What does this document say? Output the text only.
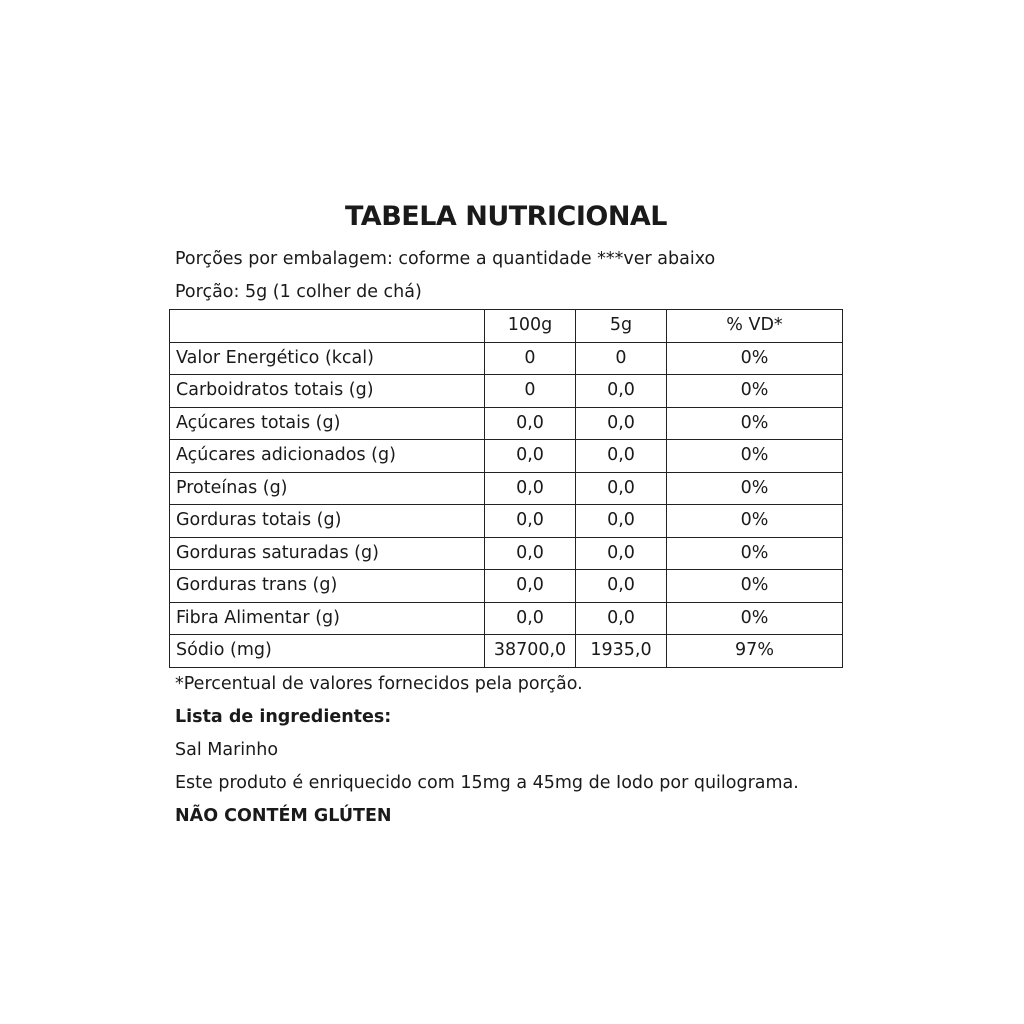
TABELA NUTRICIONAL
Porções por embalagem: coforme a quantidade ***ver abaixo
Porção: 5g (1 colher de chá)
	100g	5g	% VD*
Valor Energético (kcal)	0	0	0%
Carboidratos totais (g)	0	0,0	0%
Açúcares totais (g)	0,0	0,0	0%
Açúcares adicionados (g)	0,0	0,0	0%
Proteínas (g)	0,0	0,0	0%
Gorduras totais (g)	0,0	0,0	0%
Gorduras saturadas (g)	0,0	0,0	0%
Gorduras trans (g)	0,0	0,0	0%
Fibra Alimentar (g)	0,0	0,0	0%
Sódio (mg)	38700,0	1935,0	97%
*Percentual de valores fornecidos pela porção.
Lista de ingredientes:
Sal Marinho
Este produto é enriquecido com 15mg a 45mg de Iodo por quilograma.
NÃO CONTÉM GLÚTEN
